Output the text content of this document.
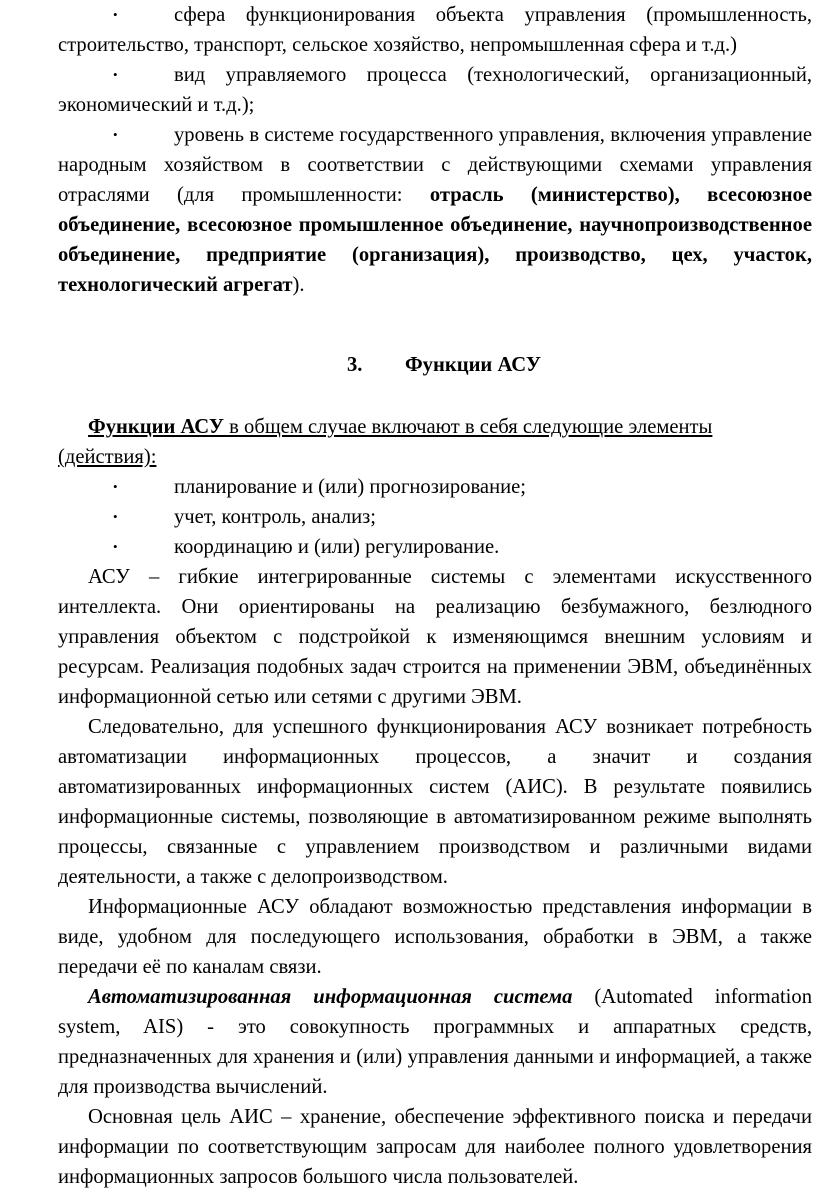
•	сфера функционирования объекта управления (промышленность, строительство, транспорт, сельское хозяйство, непромышленная сфера и т.д.)
•	вид управляемого процесса (технологический, организационный, экономический и т.д.);
•	уровень в системе государственного управления, включения управление народным хозяйством в соответствии с действующими схемами управления отраслями (для промышленности: отрасль (министерство), всесоюзное объединение, всесоюзное промышленное объединение, научнопроизводственное объединение, предприятие (организация), производство, цех, участок, технологический агрегат).
3. Функции АСУ
Функции АСУ в общем случае включают в себя следующие элементы (действия):
•	планирование и (или) прогнозирование;
•	учет, контроль, анализ;
•	координацию и (или) регулирование.
АСУ – гибкие интегрированные системы с элементами искусственного интеллекта. Они ориентированы на реализацию безбумажного, безлюдного управления объектом с подстройкой к изменяющимся внешним условиям и ресурсам. Реализация подобных задач строится на применении ЭВМ, объединённых информационной сетью или сетями с другими ЭВМ.
Следовательно, для успешного функционирования АСУ возникает потребность автоматизации информационных процессов, а значит и создания автоматизированных информационных систем (АИС). В результате появились информационные системы, позволяющие в автоматизированном режиме выполнять процессы, связанные с управлением производством и различными видами деятельности, а также с делопроизводством.
Информационные АСУ обладают возможностью представления информации в виде, удобном для последующего использования, обработки в ЭВМ, а также передачи её по каналам связи.
Автоматизированная информационная система (Automated information system, AIS) - это совокупность программных и аппаратных средств, предназначенных для хранения и (или) управления данными и информацией, а также для производства вычислений.
Основная цель АИС – хранение, обеспечение эффективного поиска и передачи информации по соответствующим запросам для наиболее полного удовлетворения информационных запросов большого числа пользователей.
